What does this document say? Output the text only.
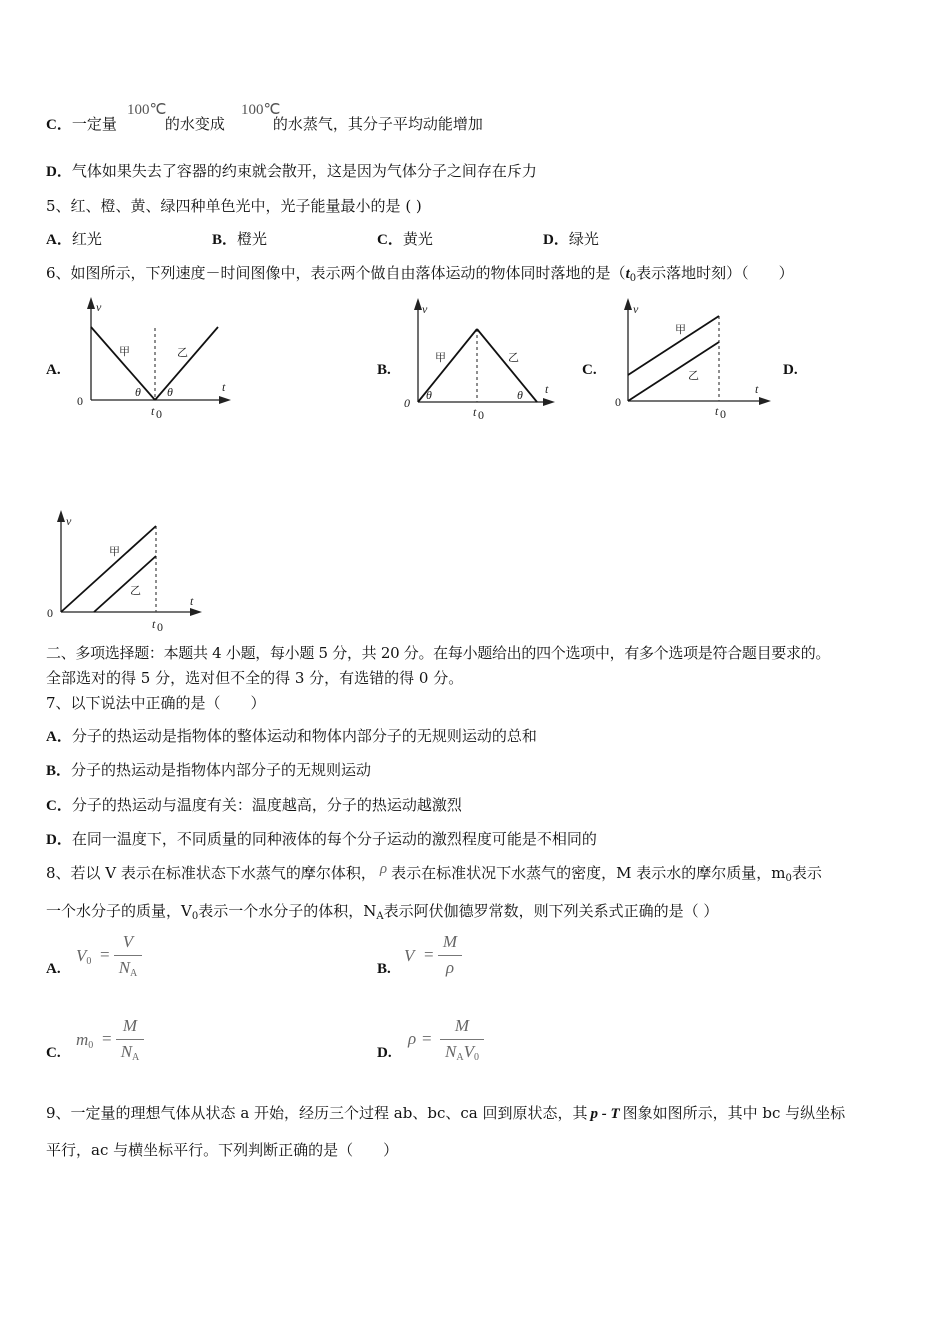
C．一定量	的水变成	的水蒸气，其分子平均动能增加
100℃	100℃
D．气体如果失去了容器的约束就会散开，这是因为气体分子之间存在斥力
5、红、橙、黄、绿四种单色光中，光子能量最小的是 ( )
A．红光	B．橙光	C．黄光	D．绿光
6、如图所示，下列速度－时间图像中，表示两个做自由落体运动的物体同时落地的是（$t_0$表示落地时刻）（　　）
A.	B.	C.	D.
v
t
0
t 0
θ θ
甲	乙
v
t
0
t 0
θ	θ
甲	乙
v
t
0
t 0
甲
乙
v
t
0
t 0
甲
乙
二、多项选择题：本题共 4 小题，每小题 5 分，共 20 分。在每小题给出的四个选项中，有多个选项是符合题目要求的。
全部选对的得 5 分，选对但不全的得 3 分，有选错的得 0 分。
7、以下说法中正确的是（　　）
A．分子的热运动是指物体的整体运动和物体内部分子的无规则运动的总和
B．分子的热运动是指物体内部分子的无规则运动
C．分子的热运动与温度有关：温度越高，分子的热运动越激烈
D．在同一温度下，不同质量的同种液体的每个分子运动的激烈程度可能是不相同的
8、若以 V 表示在标准状态下水蒸气的摩尔体积， ρ 表示在标准状况下水蒸气的密度，M 表示水的摩尔质量，$m_0$表示
一个水分子的质量，$V_0$表示一个水分子的体积，$N_A$表示阿伏伽德罗常数，则下列关系式正确的是（ ）
A.
$V_0$ =
V
$N_A$	B.
V =
M
ρ
C.
$m_0$ =
M
$N_A$	D.
ρ =
M
$N_AV_0$
9、一定量的理想气体从状态 a 开始，经历三个过程 ab、bc、ca 回到原状态，其 p - T 图象如图所示，其中 bc 与纵坐标
平行，ac 与横坐标平行。下列判断正确的是（　　）
